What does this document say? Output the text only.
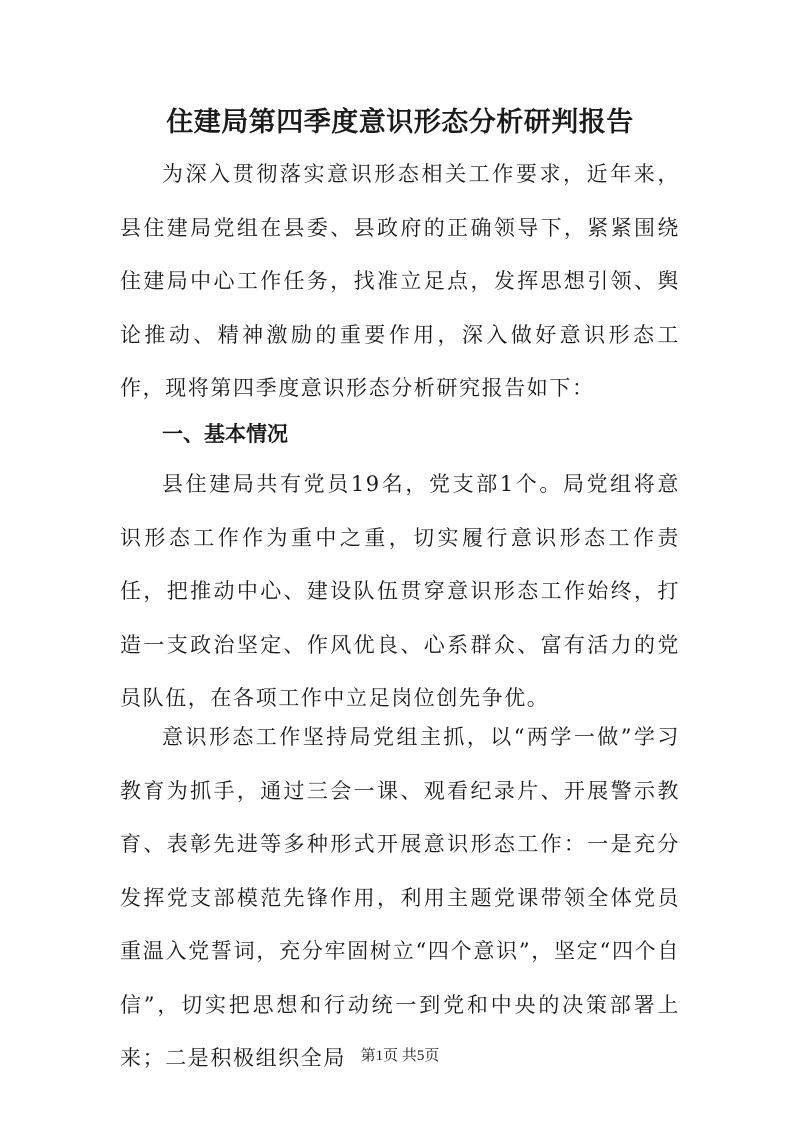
住建局第四季度意识形态分析研判报告

为深入贯彻落实意识形态相关工作要求，近年来，县住建局党组在县委、县政府的正确领导下，紧紧围绕住建局中心工作任务，找准立足点，发挥思想引领、舆论推动、精神激励的重要作用，深入做好意识形态工作，现将第四季度意识形态分析研究报告如下：

一、基本情况

县住建局共有党员19名，党支部1个。局党组将意识形态工作作为重中之重，切实履行意识形态工作责任，把推动中心、建设队伍贯穿意识形态工作始终，打造一支政治坚定、作风优良、心系群众、富有活力的党员队伍，在各项工作中立足岗位创先争优。

意识形态工作坚持局党组主抓，以“两学一做”学习教育为抓手，通过三会一课、观看纪录片、开展警示教育、表彰先进等多种形式开展意识形态工作：一是充分发挥党支部模范先锋作用，利用主题党课带领全体党员重温入党誓词，充分牢固树立“四个意识”，坚定“四个自信”，切实把思想和行动统一到党和中央的决策部署上来；二是积极组织全局 第1页 共5页
